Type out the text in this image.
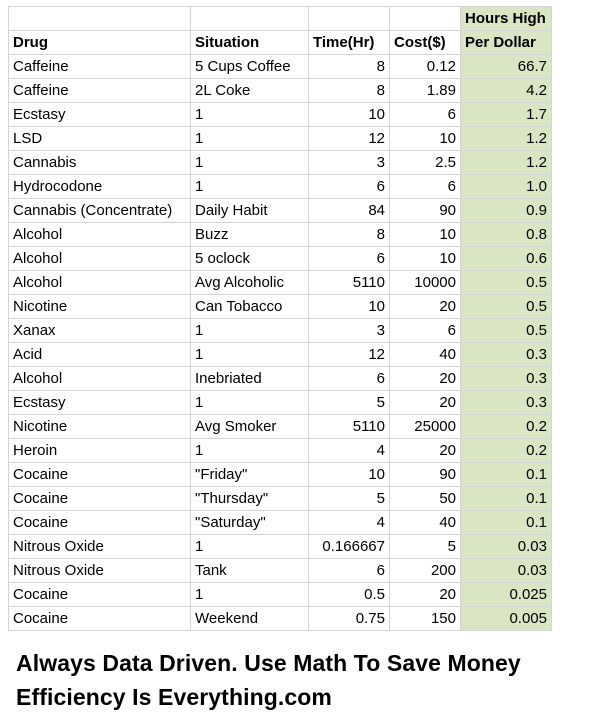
				Hours High
Drug	Situation	Time(Hr)	Cost($)	Per Dollar
Caffeine	5 Cups Coffee	8	0.12	66.7
Caffeine	2L Coke	8	1.89	4.2
Ecstasy	1	10	6	1.7
LSD	1	12	10	1.2
Cannabis	1	3	2.5	1.2
Hydrocodone	1	6	6	1.0
Cannabis (Concentrate)	Daily Habit	84	90	0.9
Alcohol	Buzz	8	10	0.8
Alcohol	5 oclock	6	10	0.6
Alcohol	Avg Alcoholic	5110	10000	0.5
Nicotine	Can Tobacco	10	20	0.5
Xanax	1	3	6	0.5
Acid	1	12	40	0.3
Alcohol	Inebriated	6	20	0.3
Ecstasy	1	5	20	0.3
Nicotine	Avg Smoker	5110	25000	0.2
Heroin	1	4	20	0.2
Cocaine	"Friday"	10	90	0.1
Cocaine	"Thursday"	5	50	0.1
Cocaine	"Saturday"	4	40	0.1
Nitrous Oxide	1	0.166667	5	0.03
Nitrous Oxide	Tank	6	200	0.03
Cocaine	1	0.5	20	0.025
Cocaine	Weekend	0.75	150	0.005
Always Data Driven. Use Math To Save Money
Efficiency Is Everything.com
